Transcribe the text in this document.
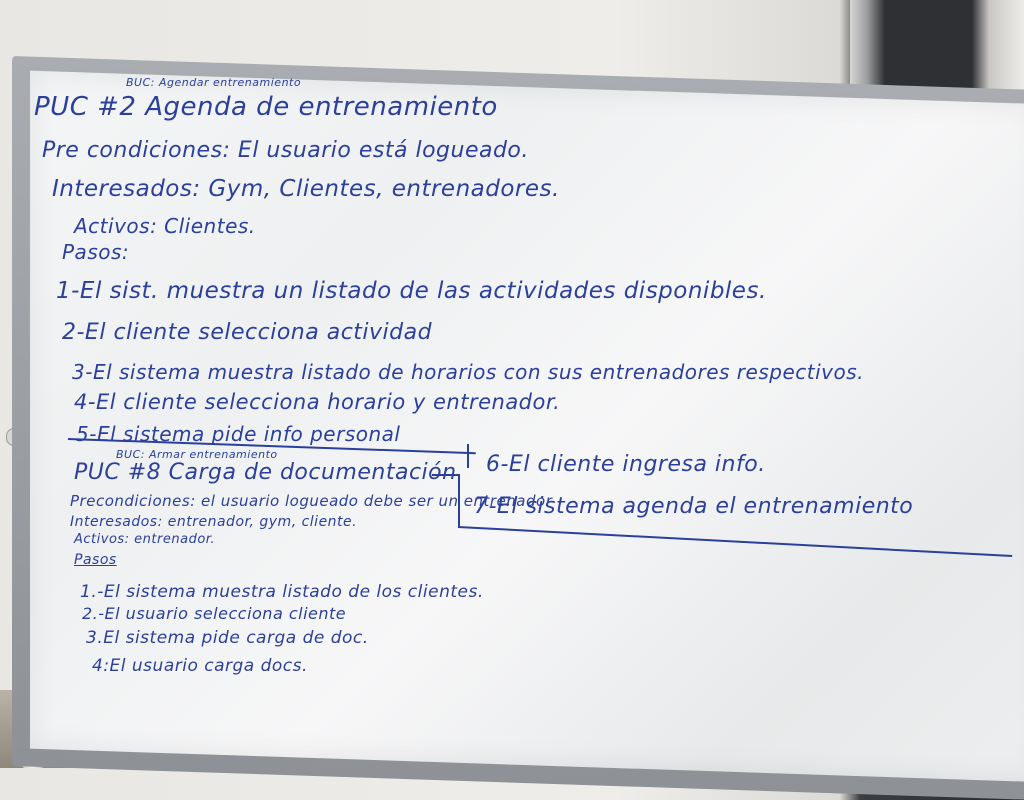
BUC: Agendar entrenamiento
PUC #2 Agenda de entrenamiento
Pre condiciones: El usuario está logueado.
Interesados: Gym, Clientes, entrenadores.
Activos: Clientes.
Pasos:
1-El sist. muestra un listado de las actividades disponibles.
2-El cliente selecciona actividad
3-El sistema muestra listado de horarios con sus entrenadores respectivos.
4-El cliente selecciona horario y entrenador.
5-El sistema pide info personal
6-El cliente ingresa info.
7-El sistema agenda el entrenamiento
BUC: Armar entrenamiento
PUC #8 Carga de documentación
Precondiciones: el usuario logueado debe ser un entrenador
Interesados: entrenador, gym, cliente.
Activos: entrenador.
Pasos
1.-El sistema muestra listado de los clientes.
2.-El usuario selecciona cliente
3.El sistema pide carga de doc.
4:El usuario carga docs.
